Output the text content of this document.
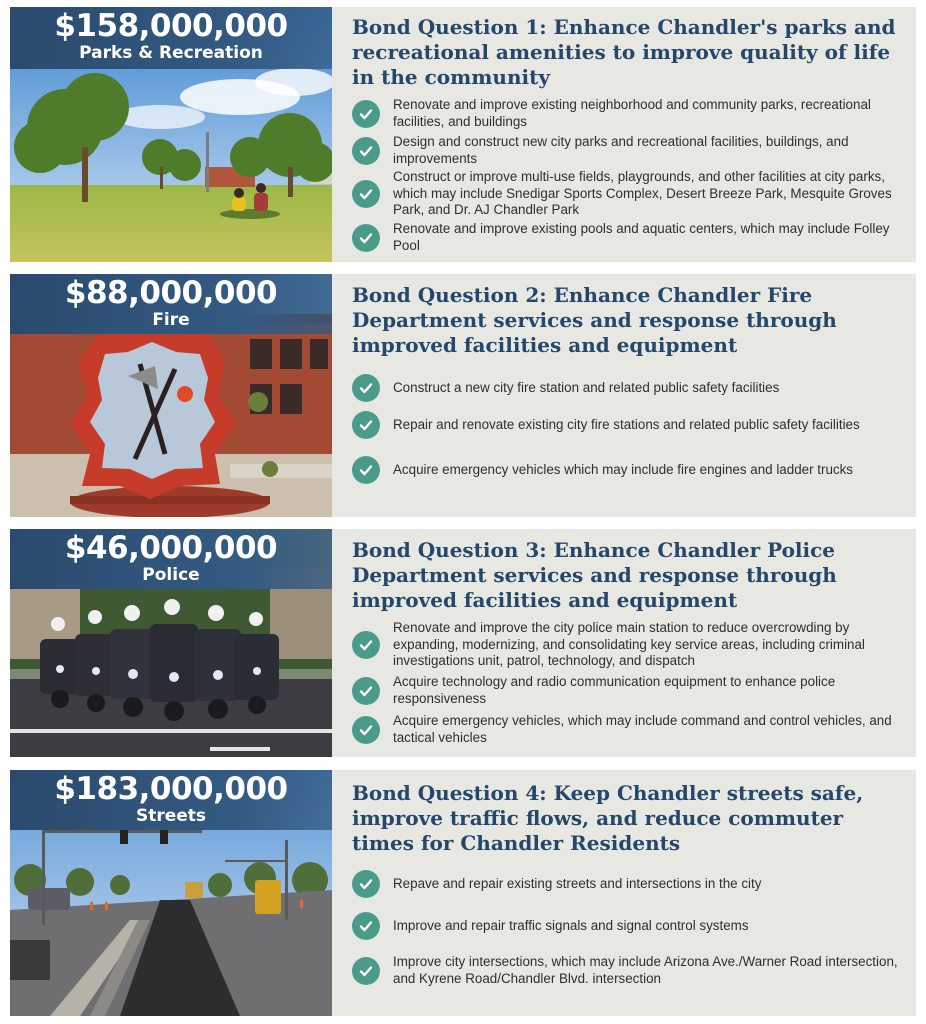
$158,000,000
Parks & Recreation
Bond Question 1: Enhance Chandler's parks and recreational amenities to improve quality of life in the community
Renovate and improve existing neighborhood and community parks, recreational facilities, and buildings
Design and construct new city parks and recreational facilities, buildings, and improvements
Construct or improve multi-use fields, playgrounds, and other facilities at city parks, which may include Snedigar Sports Complex, Desert Breeze Park, Mesquite Groves Park, and Dr. AJ Chandler Park
Renovate and improve existing pools and aquatic centers, which may include Folley Pool
$88,000,000
Fire
Bond Question 2: Enhance Chandler Fire Department services and response through improved facilities and equipment
Construct a new city fire station and related public safety facilities
Repair and renovate existing city fire stations and related public safety facilities
Acquire emergency vehicles which may include fire engines and ladder trucks
$46,000,000
Police
Bond Question 3: Enhance Chandler Police Department services and response through improved facilities and equipment
Renovate and improve the city police main station to reduce overcrowding by expanding, modernizing, and consolidating key service areas, including criminal investigations unit, patrol, technology, and dispatch
Acquire technology and radio communication equipment to enhance police responsiveness
Acquire emergency vehicles, which may include command and control vehicles, and tactical vehicles
$183,000,000
Streets
Bond Question 4: Keep Chandler streets safe, improve traffic flows, and reduce commuter times for Chandler Residents
Repave and repair existing streets and intersections in the city
Improve and repair traffic signals and signal control systems
Improve city intersections, which may include Arizona Ave./Warner Road intersection, and Kyrene Road/Chandler Blvd. intersection
